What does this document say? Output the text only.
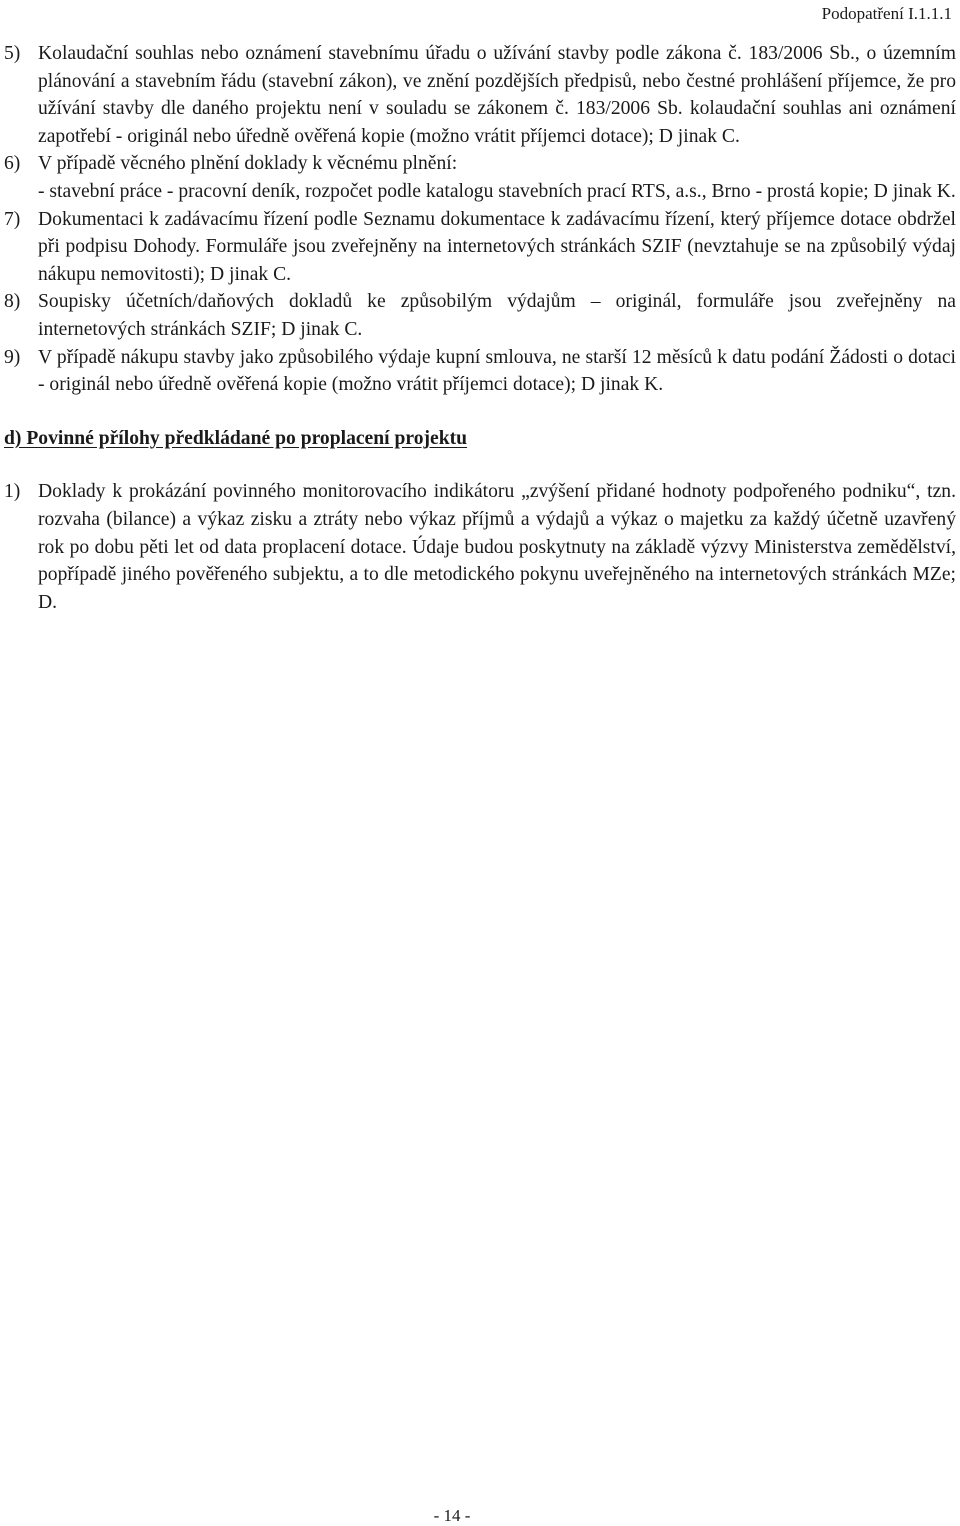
Podopatření I.1.1.1
5) Kolaudační souhlas nebo oznámení stavebnímu úřadu o užívání stavby podle zákona č. 183/2006 Sb., o územním plánování a stavebním řádu (stavební zákon), ve znění pozdějších předpisů, nebo čestné prohlášení příjemce, že pro užívání stavby dle daného projektu není v souladu se zákonem č. 183/2006 Sb. kolaudační souhlas ani oznámení zapotřebí - originál nebo úředně ověřená kopie (možno vrátit příjemci dotace); D jinak C.
6) V případě věcného plnění doklady k věcnému plnění:
- stavební práce - pracovní deník, rozpočet podle katalogu stavebních prací RTS, a.s., Brno - prostá kopie; D jinak K.
7) Dokumentaci k zadávacímu řízení podle Seznamu dokumentace k zadávacímu řízení, který příjemce dotace obdržel při podpisu Dohody. Formuláře jsou zveřejněny na internetových stránkách SZIF (nevztahuje se na způsobilý výdaj nákupu nemovitosti); D jinak C.
8) Soupisky účetních/daňových dokladů ke způsobilým výdajům – originál, formuláře jsou zveřejněny na internetových stránkách SZIF; D jinak C.
9) V případě nákupu stavby jako způsobilého výdaje kupní smlouva, ne starší 12 měsíců k datu podání Žádosti o dotaci - originál nebo úředně ověřená kopie (možno vrátit příjemci dotace); D jinak K.
d) Povinné přílohy předkládané po proplacení projektu
1) Doklady k prokázání povinného monitorovacího indikátoru „zvýšení přidané hodnoty podpořeného podniku“, tzn. rozvaha (bilance) a výkaz zisku a ztráty nebo výkaz příjmů a výdajů a výkaz o majetku za každý účetně uzavřený rok po dobu pěti let od data proplacení dotace. Údaje budou poskytnuty na základě výzvy Ministerstva zemědělství, popřípadě jiného pověřeného subjektu, a to dle metodického pokynu uveřejněného na internetových stránkách MZe; D.
- 14 -
